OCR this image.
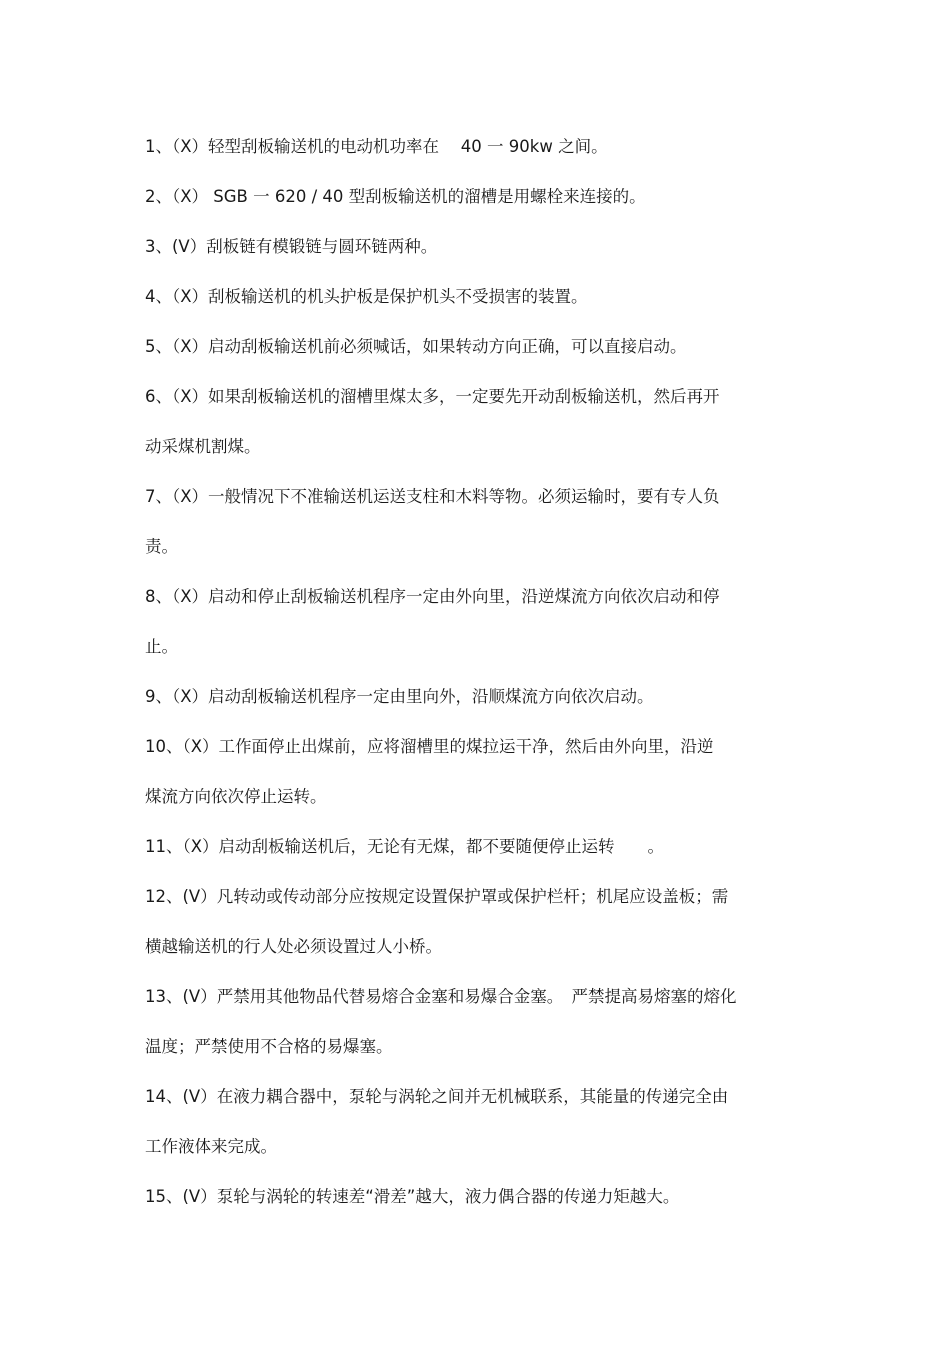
1、（X）轻型刮板输送机的电动机功率在　 40 一 90kw 之间。
2、（X） SGB 一 620 / 40 型刮板输送机的溜槽是用螺栓来连接的。
3、(V）刮板链有模锻链与圆环链两种。
4、（X）刮板输送机的机头护板是保护机头不受损害的装置。
5、（X）启动刮板输送机前必须喊话，如果转动方向正确，可以直接启动。
6、（X）如果刮板输送机的溜槽里煤太多，一定要先开动刮板输送机，然后再开
动采煤机割煤。
7、（X）一般情况下不准输送机运送支柱和木料等物。必须运输时，要有专人负
责。
8、（X）启动和停止刮板输送机程序一定由外向里，沿逆煤流方向依次启动和停
止。
9、（X）启动刮板输送机程序一定由里向外，沿顺煤流方向依次启动。
10、（X）工作面停止出煤前，应将溜槽里的煤拉运干净，然后由外向里，沿逆
煤流方向依次停止运转。
11、（X）启动刮板输送机后，无论有无煤，都不要随便停止运转　　。
12、(V）凡转动或传动部分应按规定设置保护罩或保护栏杆；机尾应设盖板；需
横越输送机的行人处必须设置过人小桥。
13、(V）严禁用其他物品代替易熔合金塞和易爆合金塞。　严禁提高易熔塞的熔化
温度；严禁使用不合格的易爆塞。
14、(V）在液力耦合器中，泵轮与涡轮之间并无机械联系，其能量的传递完全由
工作液体来完成。
15、(V）泵轮与涡轮的转速差“滑差”越大，液力偶合器的传递力矩越大。
